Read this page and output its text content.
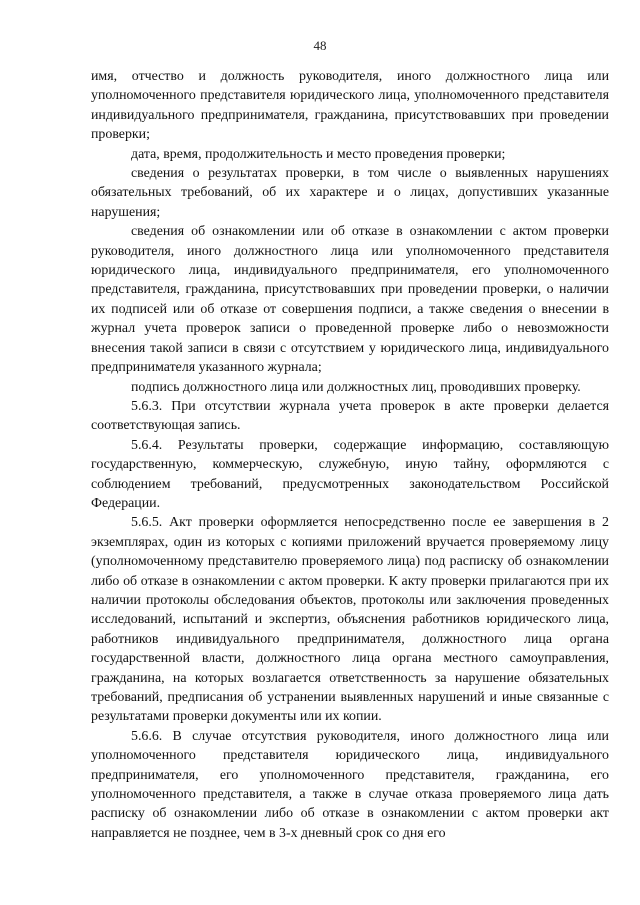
48

имя, отчество и должность руководителя, иного должностного лица или уполномоченного представителя юридического лица, уполномоченного представителя индивидуального предпринимателя, гражданина, присутствовавших при проведении проверки;

дата, время, продолжительность и место проведения проверки;

сведения о результатах проверки, в том числе о выявленных нарушениях обязательных требований, об их характере и о лицах, допустивших указанные нарушения;

сведения об ознакомлении или об отказе в ознакомлении с актом проверки руководителя, иного должностного лица или уполномоченного представителя юридического лица, индивидуального предпринимателя, его уполномоченного представителя, гражданина, присутствовавших при проведении проверки, о наличии их подписей или об отказе от совершения подписи, а также сведения о внесении в журнал учета проверок записи о проведенной проверке либо о невозможности внесения такой записи в связи с отсутствием у юридического лица, индивидуального предпринимателя указанного журнала;

подпись должностного лица или должностных лиц, проводивших проверку.

5.6.3. При отсутствии журнала учета проверок в акте проверки делается соответствующая запись.

5.6.4. Результаты проверки, содержащие информацию, составляющую государственную, коммерческую, служебную, иную тайну, оформляются с соблюдением требований, предусмотренных законодательством Российской Федерации.

5.6.5. Акт проверки оформляется непосредственно после ее завершения в 2 экземплярах, один из которых с копиями приложений вручается проверяемому лицу (уполномоченному представителю проверяемого лица) под расписку об ознакомлении либо об отказе в ознакомлении с актом проверки. К акту проверки прилагаются при их наличии протоколы обследования объектов, протоколы или заключения проведенных исследований, испытаний и экспертиз, объяснения работников юридического лица, работников индивидуального предпринимателя, должностного лица органа государственной власти, должностного лица органа местного самоуправления, гражданина, на которых возлагается ответственность за нарушение обязательных требований, предписания об устранении выявленных нарушений и иные связанные с результатами проверки документы или их копии.

5.6.6. В случае отсутствия руководителя, иного должностного лица или уполномоченного представителя юридического лица, индивидуального предпринимателя, его уполномоченного представителя, гражданина, его уполномоченного представителя, а также в случае отказа проверяемого лица дать расписку об ознакомлении либо об отказе в ознакомлении с актом проверки акт направляется не позднее, чем в 3-х дневный срок со дня его
